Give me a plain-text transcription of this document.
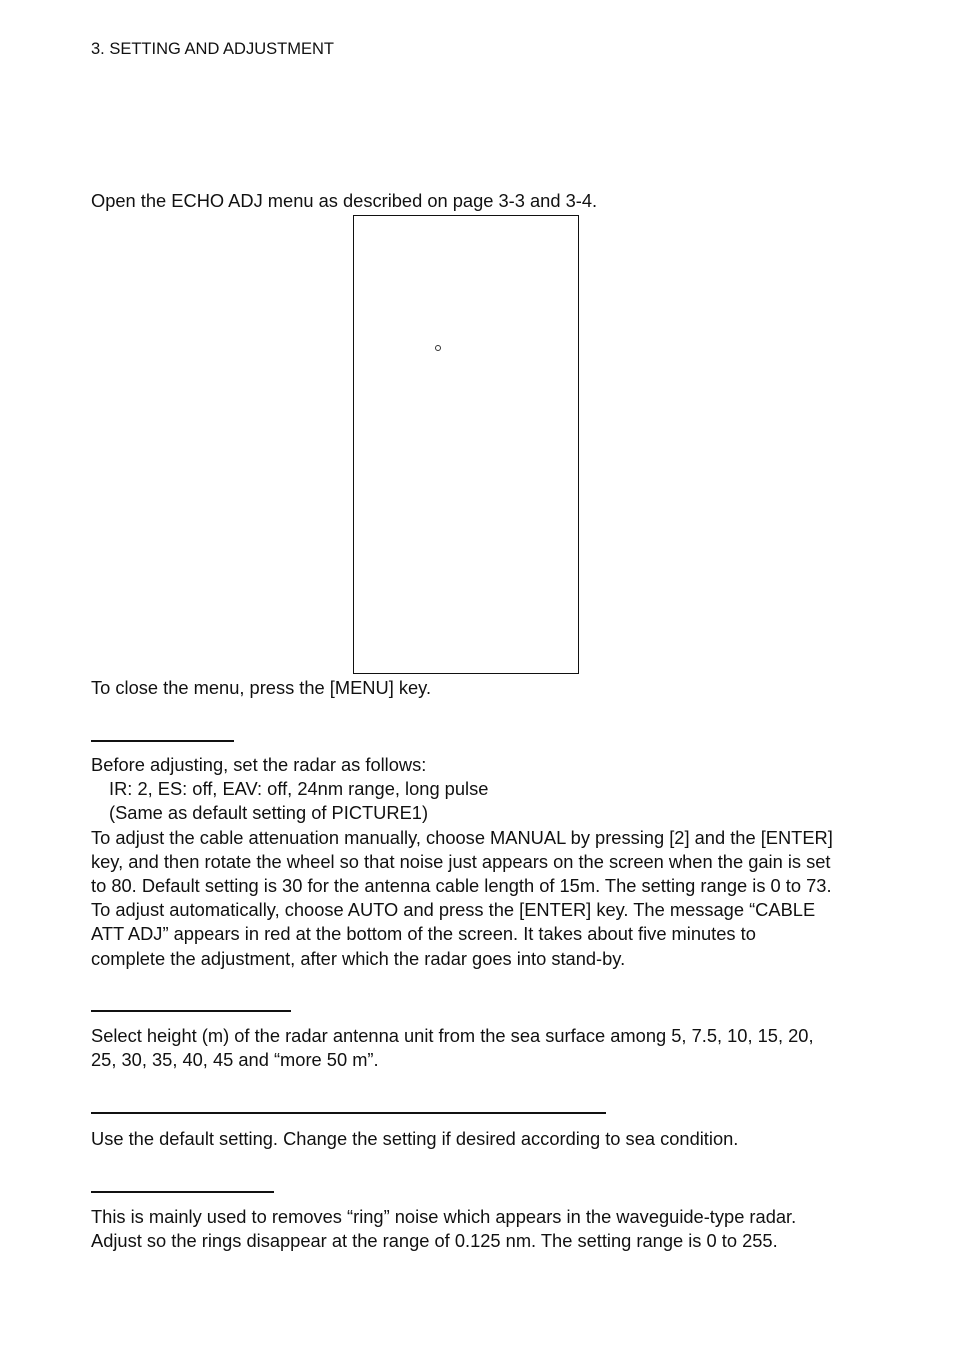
3. SETTING AND ADJUSTMENT
Open the ECHO ADJ menu as described on page 3-3 and 3-4.
To close the menu, press the [MENU] key.
Before adjusting, set the radar as follows:
IR: 2, ES: off, EAV: off, 24nm range, long pulse
(Same as default setting of PICTURE1)
To adjust the cable attenuation manually, choose MANUAL by pressing [2] and the [ENTER]
key, and then rotate the wheel so that noise just appears on the screen when the gain is set
to 80. Default setting is 30 for the antenna cable length of 15m. The setting range is 0 to 73.
To adjust automatically, choose AUTO and press the [ENTER] key. The message “CABLE
ATT ADJ” appears in red at the bottom of the screen. It takes about five minutes to
complete the adjustment, after which the radar goes into stand-by.
Select height (m) of the radar antenna unit from the sea surface among 5, 7.5, 10, 15, 20,
25, 30, 35, 40, 45 and “more 50 m”.
Use the default setting. Change the setting if desired according to sea condition.
This is mainly used to removes “ring” noise which appears in the waveguide-type radar.
Adjust so the rings disappear at the range of 0.125 nm. The setting range is 0 to 255.
